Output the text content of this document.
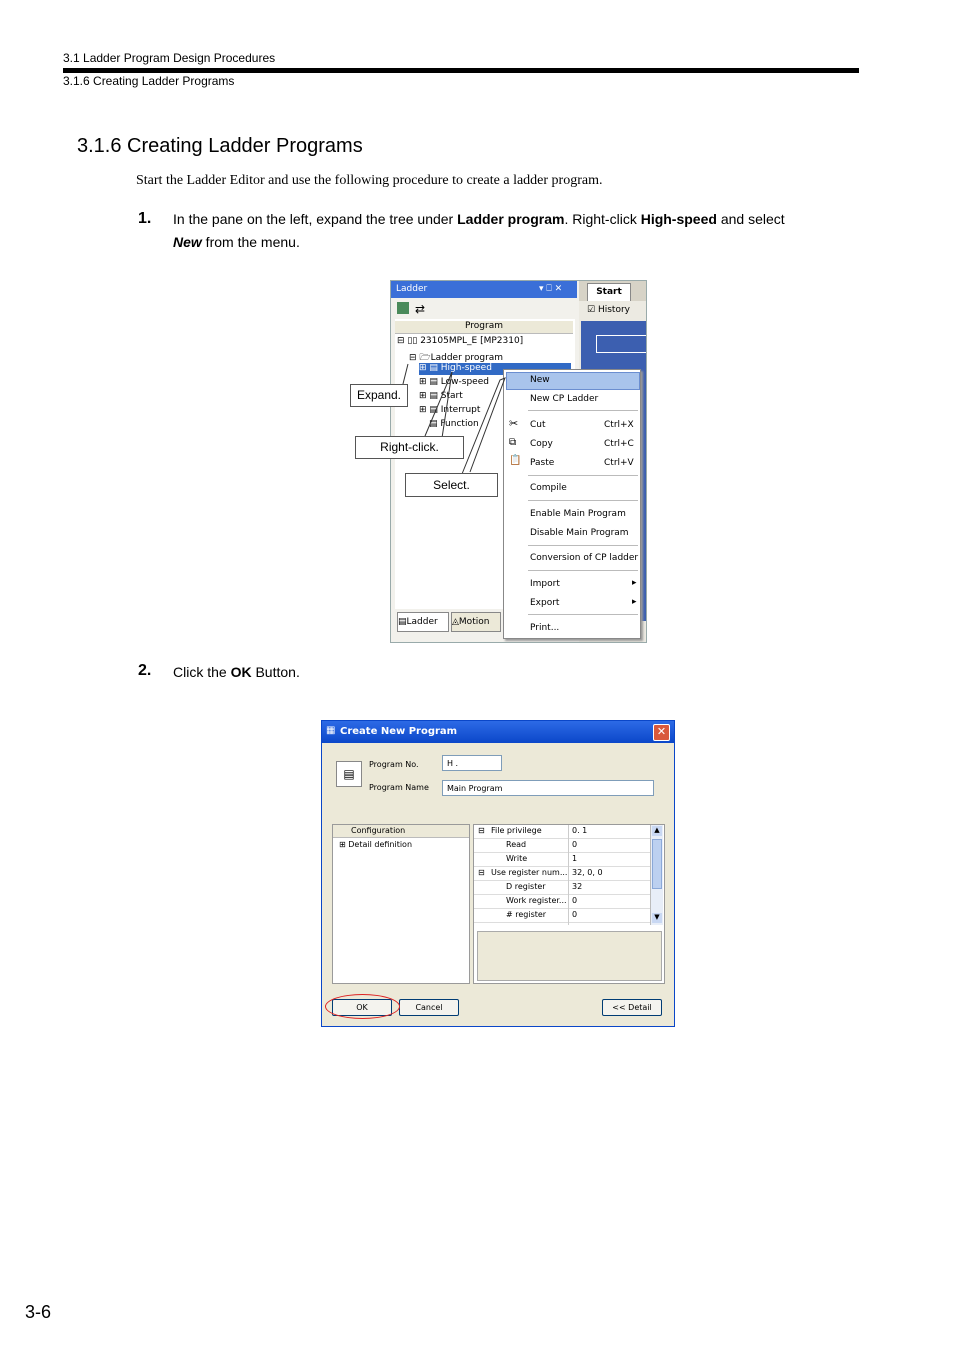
3.1 Ladder Program Design Procedures
3.1.6 Creating Ladder Programs
3.1.6 Creating Ladder Programs
Start the Ladder Editor and use the following procedure to create a ladder program.
1. In the pane on the left, expand the tree under Ladder program. Right-click High-speed and select
New from the menu.
Ladder	▾ ⎕ ✕	Start
☑ History
⇄
Program
⊟ ▯▯ 23105MPL_E [MP2310]
⊟ 🗁Ladder program
⊞ ▤ High-speed
⊞ ▤ Low-speed
⊞ ▤ Start
⊞ ▤ Interrupt
▤ Function
▤Ladder	◬Motion
New
New CP Ladder
✂ Cut	Ctrl+X
⧉ Copy	Ctrl+C
📋 Paste	Ctrl+V
Compile
Enable Main Program
Disable Main Program
Conversion of CP ladder
Import	▸
Export	▸
Print...
Expand.
Right-click.
Select.
2. Click the OK Button.
▦ Create New Program	✕
▤
Program No.	H .
Program Name	Main Program
Configuration
⊞ Detail definition
⊟ File privilege	0. 1
Read	0
Write	1
⊟ Use register num... 32, 0, 0
D register	32
Work register... 0
# register	0
▲
▼
OK	Cancel	<< Detail
3-6
